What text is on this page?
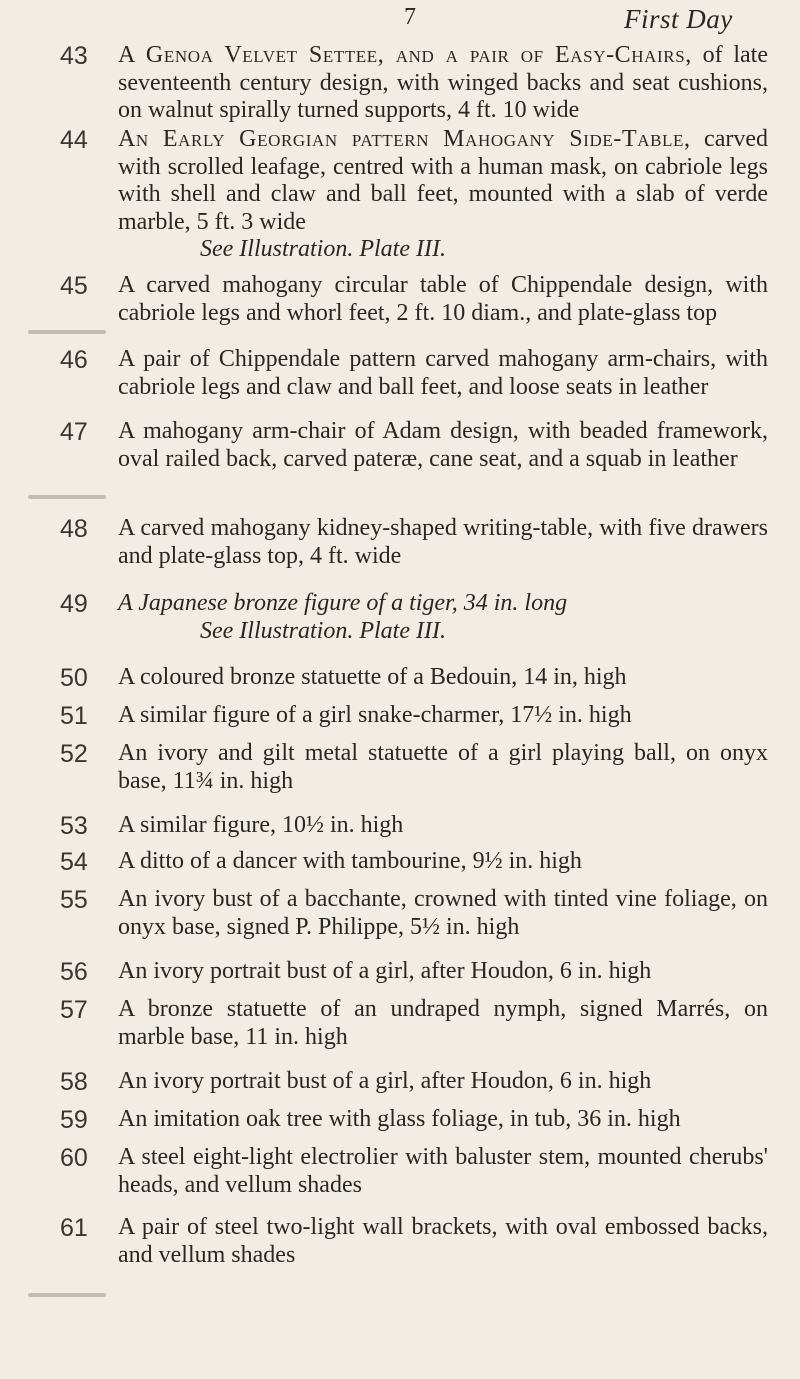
7	First Day
43 A Genoa Velvet Settee, and a pair of Easy-Chairs, of late seventeenth century design, with winged backs and seat cushions, on walnut spirally turned supports, 4 ft. 10 wide
44 An Early Georgian pattern Mahogany Side-Table, carved with scrolled leafage, centred with a human mask, on cabriole legs with shell and claw and ball feet, mounted with a slab of verde marble, 5 ft. 3 wide
See Illustration. Plate III.
45 A carved mahogany circular table of Chippendale design, with cabriole legs and whorl feet, 2 ft. 10 diam., and plate-glass top
46 A pair of Chippendale pattern carved mahogany arm-chairs, with cabriole legs and claw and ball feet, and loose seats in leather
47 A mahogany arm-chair of Adam design, with beaded framework, oval railed back, carved pateræ, cane seat, and a squab in leather
48 A carved mahogany kidney-shaped writing-table, with five drawers and plate-glass top, 4 ft. wide
49 A Japanese bronze figure of a tiger, 34 in. long
See Illustration. Plate III.
50 A coloured bronze statuette of a Bedouin, 14 in, high
51 A similar figure of a girl snake-charmer, 17½ in. high
52 An ivory and gilt metal statuette of a girl playing ball, on onyx base, 11¾ in. high
53 A similar figure, 10½ in. high
54 A ditto of a dancer with tambourine, 9½ in. high
55 An ivory bust of a bacchante, crowned with tinted vine foliage, on onyx base, signed P. Philippe, 5½ in. high
56 An ivory portrait bust of a girl, after Houdon, 6 in. high
57 A bronze statuette of an undraped nymph, signed Marrés, on marble base, 11 in. high
58 An ivory portrait bust of a girl, after Houdon, 6 in. high
59 An imitation oak tree with glass foliage, in tub, 36 in. high
60 A steel eight-light electrolier with baluster stem, mounted cherubs' heads, and vellum shades
61 A pair of steel two-light wall brackets, with oval embossed backs, and vellum shades
